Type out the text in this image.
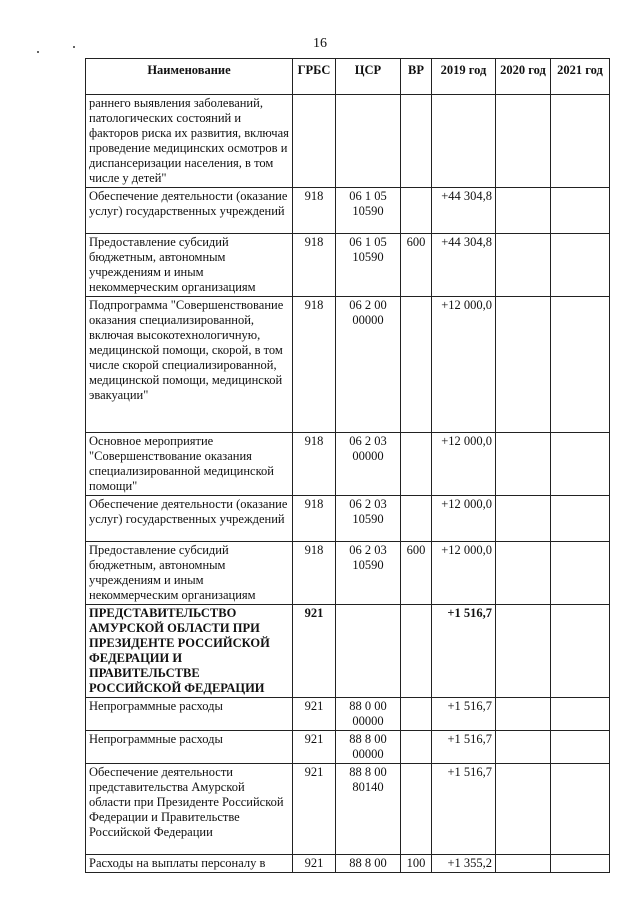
16
Наименование	ГРБС	ЦСР	ВР	2019 год	2020 год	2021 год
раннего выявления заболеваний, патологических состояний и факторов риска их развития, включая проведение медицинских осмотров и диспансеризации населения, в том числе у детей"						
Обеспечение деятельности (оказание услуг) государственных учреждений	918	06 1 05 10590		+44 304,8		
Предоставление субсидий бюджетным, автономным учреждениям и иным некоммерческим организациям	918	06 1 05 10590	600	+44 304,8		
Подпрограмма "Совершенствование оказания специализированной, включая высокотехнологичную, медицинской помощи, скорой, в том числе скорой специализированной, медицинской помощи, медицинской эвакуации"	918	06 2 00 00000		+12 000,0		
Основное мероприятие "Совершенствование оказания специализированной медицинской помощи"	918	06 2 03 00000		+12 000,0		
Обеспечение деятельности (оказание услуг) государственных учреждений	918	06 2 03 10590		+12 000,0		
Предоставление субсидий бюджетным, автономным учреждениям и иным некоммерческим организациям	918	06 2 03 10590	600	+12 000,0		
ПРЕДСТАВИТЕЛЬСТВО АМУРСКОЙ ОБЛАСТИ ПРИ ПРЕЗИДЕНТЕ РОССИЙСКОЙ ФЕДЕРАЦИИ И ПРАВИТЕЛЬСТВЕ РОССИЙСКОЙ ФЕДЕРАЦИИ	921			+1 516,7		
Непрограммные расходы	921	88 0 00 00000		+1 516,7		
Непрограммные расходы	921	88 8 00 00000		+1 516,7		
Обеспечение деятельности представительства Амурской области при Президенте Российской Федерации и Правительстве Российской Федерации	921	88 8 00 80140		+1 516,7		
Расходы на выплаты персоналу в	921	88 8 00	100	+1 355,2		
